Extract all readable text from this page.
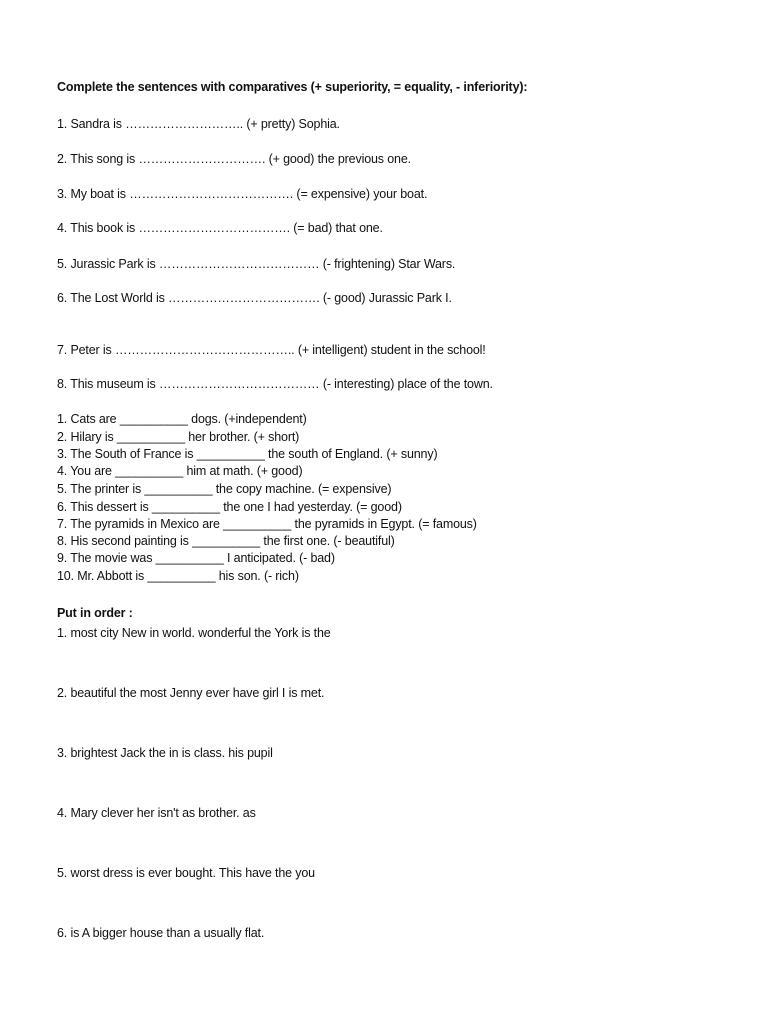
Complete the sentences with comparatives (+ superiority, = equality, - inferiority):
1. Sandra is ……………………….. (+ pretty) Sophia.
2. This song is …………………………. (+ good) the previous one.
3. My boat is …………………………………. (= expensive) your boat.
4. This book is ………………………………. (= bad) that one.
5. Jurassic Park is ………………………………… (- frightening) Star Wars.
6. The Lost World is ………………………………. (- good) Jurassic Park I.
7. Peter is …………………………………….. (+ intelligent) student in the school!
8. This museum is ………………………………… (- interesting) place of the town.
1. Cats are __________ dogs. (+independent)
2. Hilary is __________ her brother. (+ short)
3. The South of France is __________ the south of England. (+ sunny)
4. You are __________ him at math. (+ good)
5. The printer is __________ the copy machine. (= expensive)
6. This dessert is __________ the one I had yesterday. (= good)
7. The pyramids in Mexico are __________ the pyramids in Egypt. (= famous)
8. His second painting is __________ the first one. (- beautiful)
9. The movie was __________ I anticipated. (- bad)
10. Mr. Abbott is __________ his son. (- rich)
Put in order :
1. most city New in world. wonderful the York is the
2. beautiful the most Jenny ever have girl I is met.
3. brightest Jack the in is class. his pupil
4. Mary clever her isn't as brother. as
5. worst dress is ever bought. This have the you
6. is A bigger house than a usually flat.
